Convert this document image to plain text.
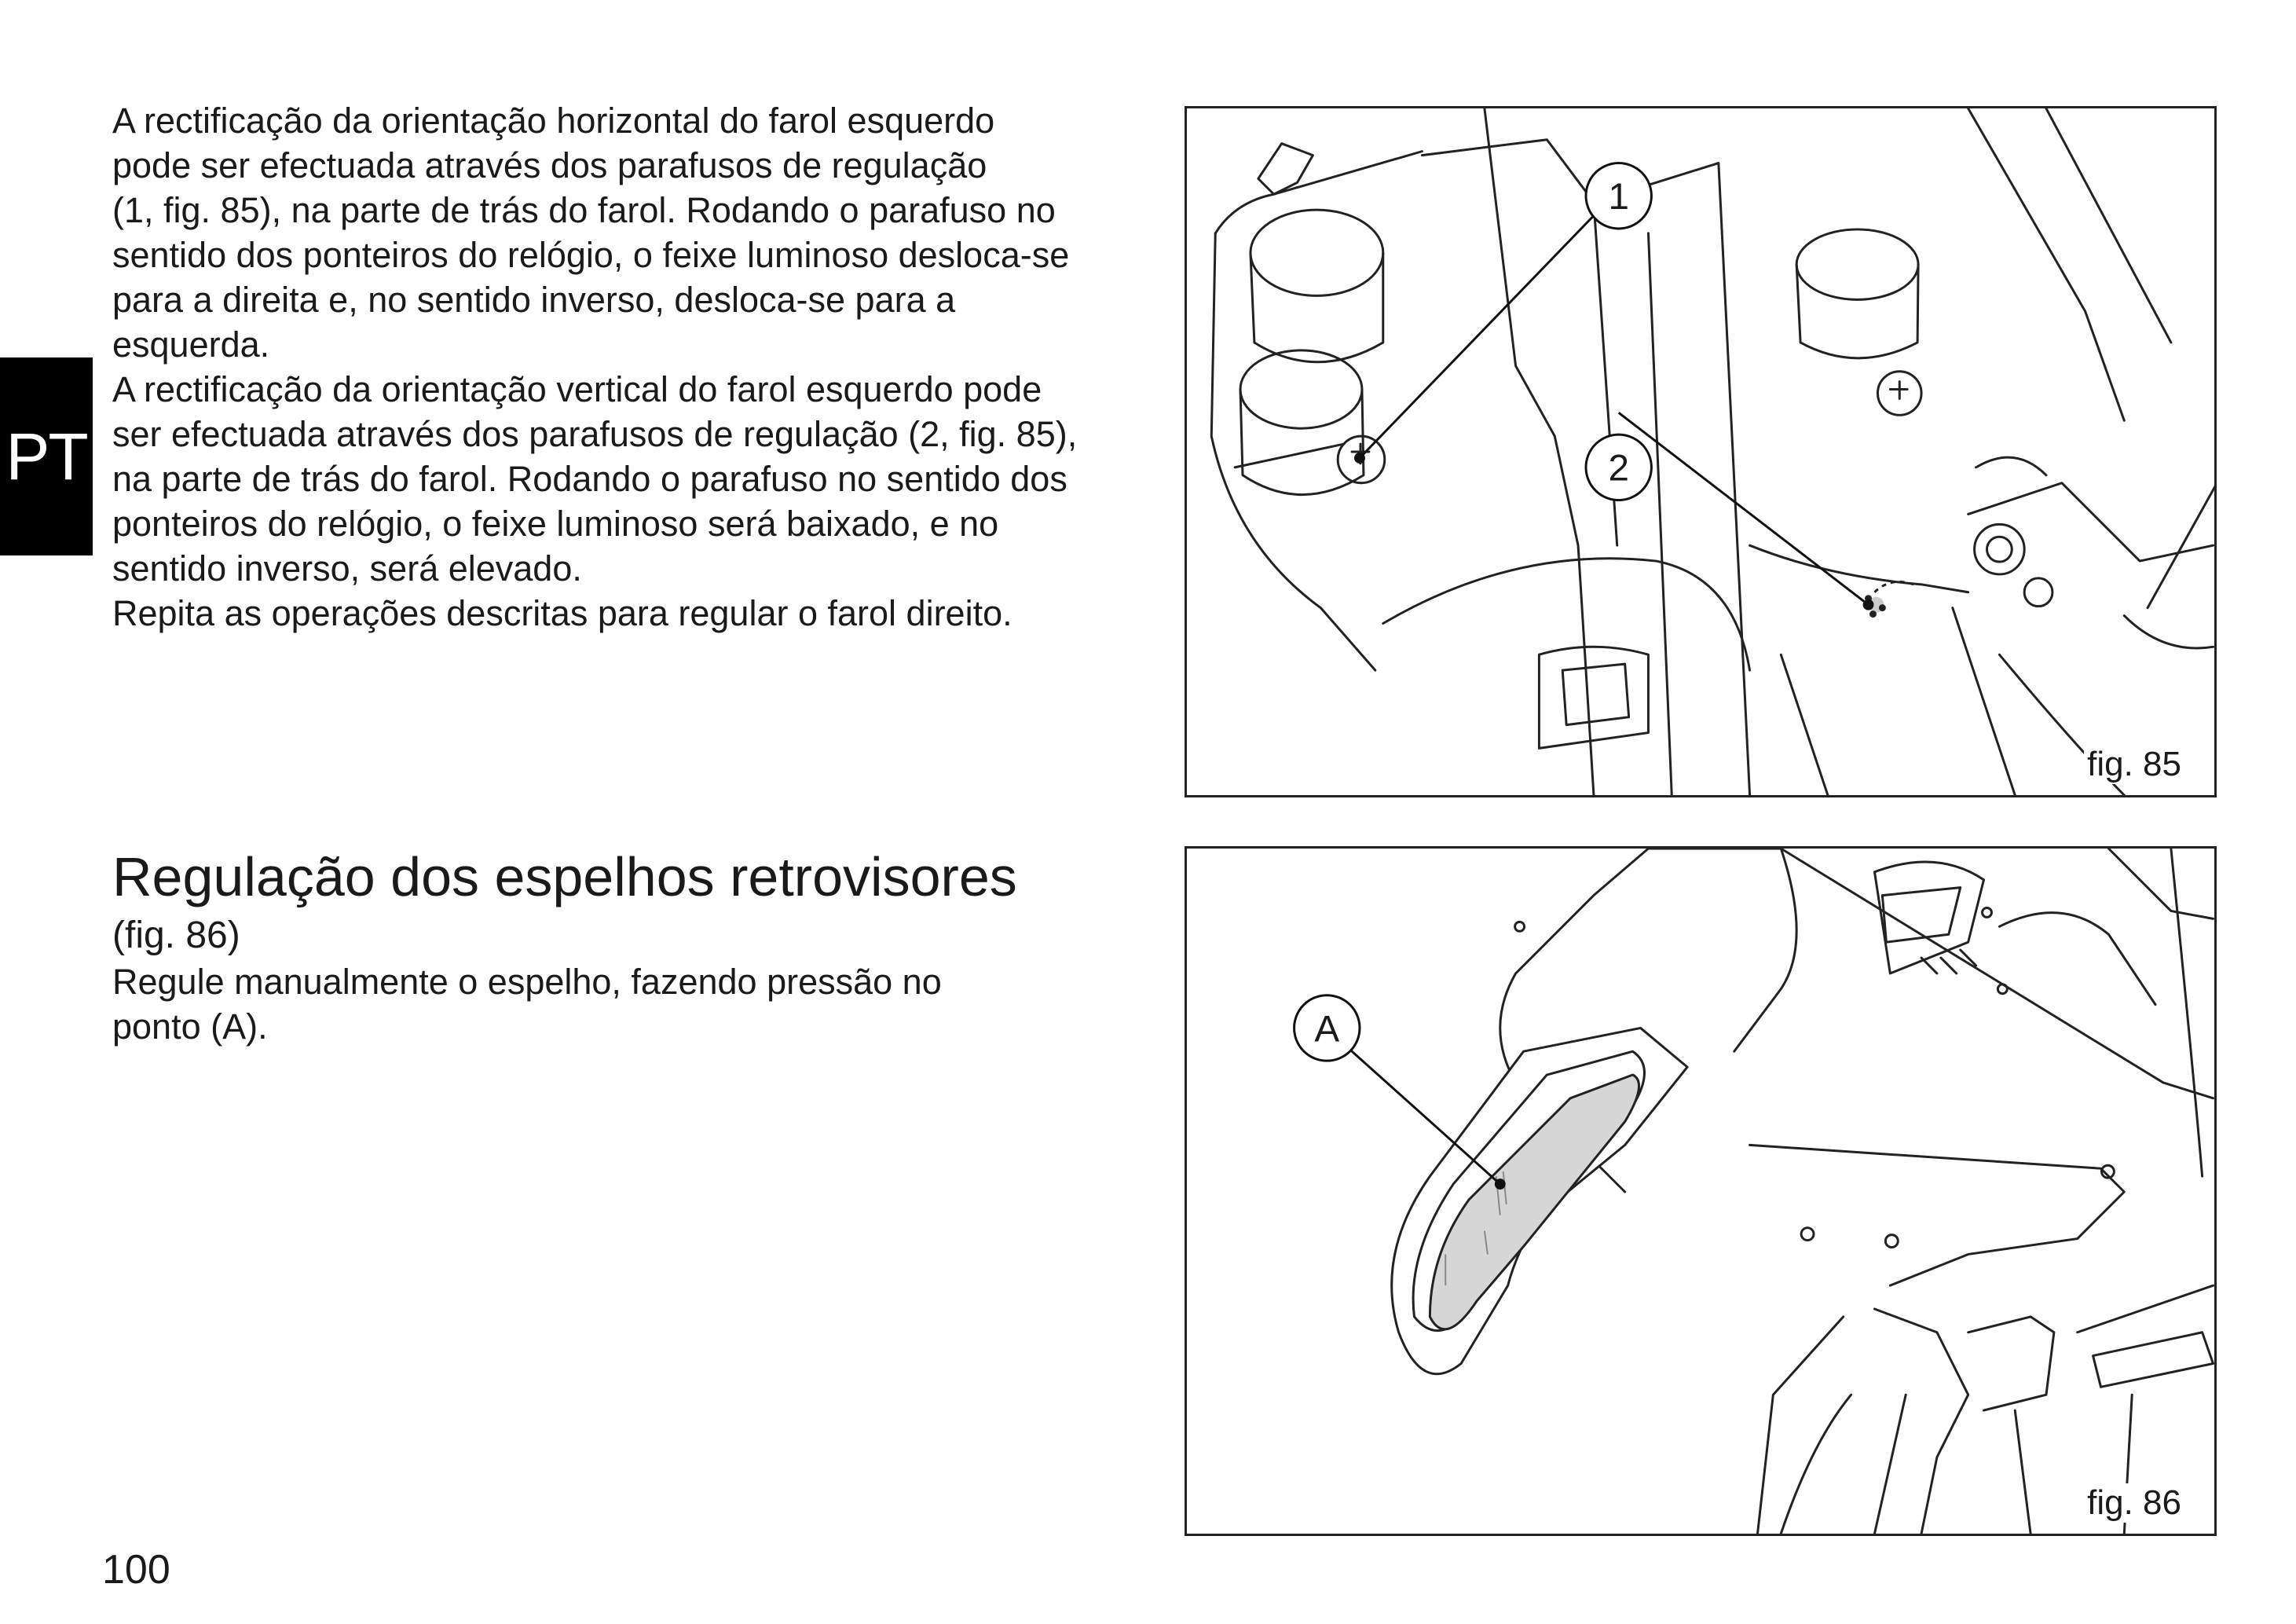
PT

A rectificação da orientação horizontal do farol esquerdo
pode ser efectuada através dos parafusos de regulação
(1, fig. 85), na parte de trás do farol. Rodando o parafuso no
sentido dos ponteiros do relógio, o feixe luminoso desloca-se
para a direita e, no sentido inverso, desloca-se para a
esquerda.

A rectificação da orientação vertical do farol esquerdo pode
ser efectuada através dos parafusos de regulação (2, fig. 85),
na parte de trás do farol. Rodando o parafuso no sentido dos
ponteiros do relógio, o feixe luminoso será baixado, e no
sentido inverso, será elevado.

Repita as operações descritas para regular o farol direito.

Regulação dos espelhos retrovisores
(fig. 86)

Regule manualmente o espelho, fazendo pressão no
ponto (A).

1
2
fig. 85
A
fig. 86
100
